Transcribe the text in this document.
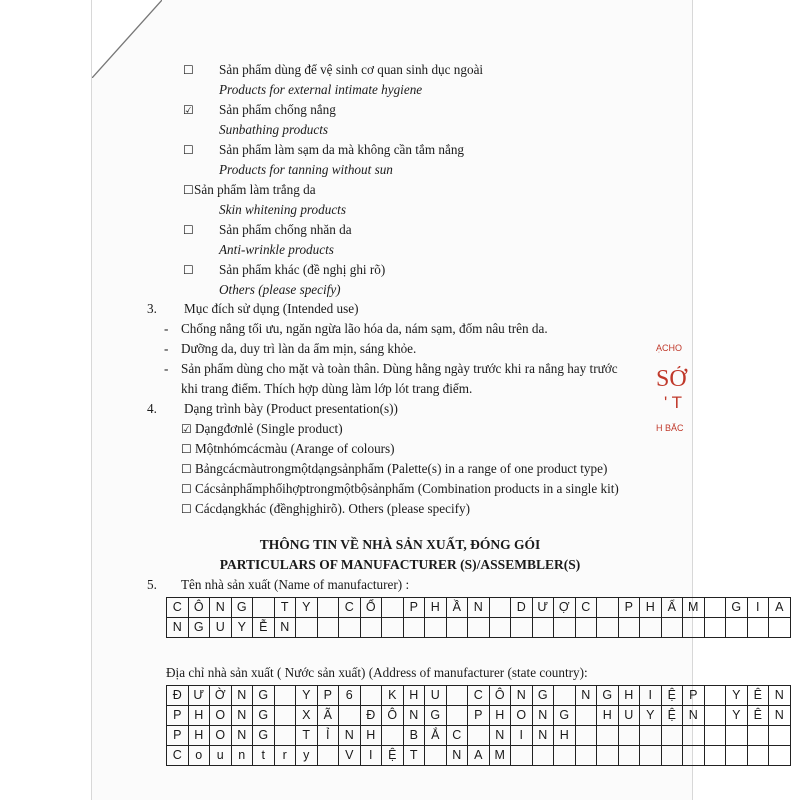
☐ Sản phẩm dùng để vệ sinh cơ quan sinh dục ngoài
Products for external intimate hygiene
☑ Sản phẩm chống nắng
Sunbathing products
☐ Sản phẩm làm sạm da mà không cần tắm nắng
Products for tanning without sun
☐ Sản phẩm làm trắng da
Skin whitening products
☐ Sản phẩm chống nhăn da
Anti-wrinkle products
☐ Sản phẩm khác (đề nghị ghi rõ)
Others (please specify)
3. Mục đích sử dụng (Intended use)
- Chống nắng tối ưu, ngăn ngừa lão hóa da, nám sạm, đốm nâu trên da.
- Dưỡng da, duy trì làn da ẩm mịn, sáng khỏe.
- Sản phẩm dùng cho mặt và toàn thân. Dùng hằng ngày trước khi ra nắng hay trước
khi trang điểm. Thích hợp dùng làm lớp lót trang điểm.
4. Dạng trình bày (Product presentation(s))
☑ Dạngđơnlẻ (Single product)
☐ Mộtnhómcácmàu (Arange of colours)
☐ Bảngcácmàutrongmộtdạngsảnphẩm (Palette(s) in a range of one product type)
☐ Cácsảnphẩmphốihợptrongmộtbộsảnphẩm (Combination products in a single kit)
☐ Cácdạngkhác (đềnghịghirõ). Others (please specify)
THÔNG TIN VỀ NHÀ SẢN XUẤT, ĐÓNG GÓI
PARTICULARS OF MANUFACTURER (S)/ASSEMBLER(S)
5. Tên nhà sản xuất (Name of manufacturer) :
C	Ô	N	G		T	Y		C	Ổ		P	H	Ầ	N		D	Ư	Ợ	C		P	H	Ẩ	M		G	I	A
N	G	U	Y	Ễ	N																							
Địa chỉ nhà sản xuất ( Nước sản xuất) (Address of manufacturer (state country):
Đ	Ư	Ờ	N	G		Y	P	6		K	H	U		C	Ô	N	G		N	G	H	I	Ệ	P		Y	Ê	N
P	H	O	N	G		X	Ã		Đ	Ô	N	G		P	H	O	N	G		H	U	Y	Ệ	N		Y	Ê	N
P	H	O	N	G		T	Ỉ	N	H		B	Ắ	C		N	I	N	H										
C	o	u	n	t	r	y		V	I	Ệ	T		N	A	M													
ẠCHO
SỞ
' T
H BẮC
